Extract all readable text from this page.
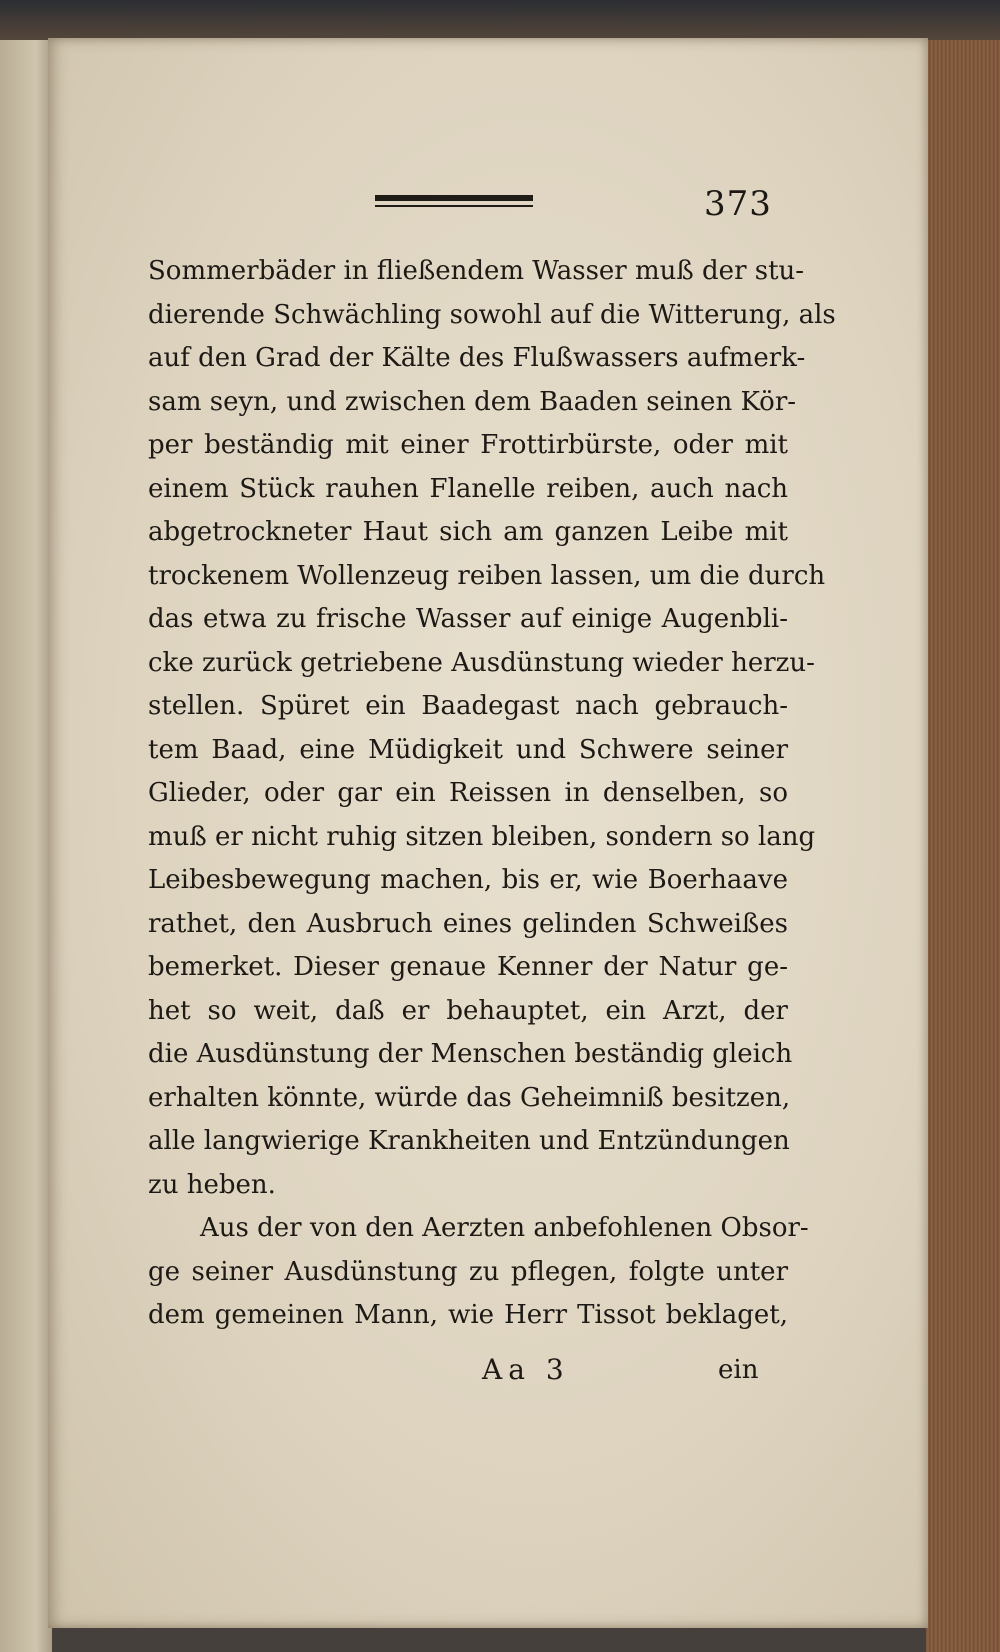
373
Sommerbäder in fließendem Wasser muß der stu-
dierende Schwächling sowohl auf die Witterung, als
auf den Grad der Kälte des Flußwassers aufmerk-
sam seyn, und zwischen dem Baaden seinen Kör-
per beständig mit einer Frottirbürste, oder mit
einem Stück rauhen Flanelle reiben, auch nach
abgetrockneter Haut sich am ganzen Leibe mit
trockenem Wollenzeug reiben lassen, um die durch
das etwa zu frische Wasser auf einige Augenbli-
cke zurück getriebene Ausdünstung wieder herzu-
stellen. Spüret ein Baadegast nach gebrauch-
tem Baad, eine Müdigkeit und Schwere seiner
Glieder, oder gar ein Reissen in denselben, so
muß er nicht ruhig sitzen bleiben, sondern so lang
Leibesbewegung machen, bis er, wie Boerhaave
rathet, den Ausbruch eines gelinden Schweißes
bemerket. Dieser genaue Kenner der Natur ge-
het so weit, daß er behauptet, ein Arzt, der
die Ausdünstung der Menschen beständig gleich
erhalten könnte, würde das Geheimniß besitzen,
alle langwierige Krankheiten und Entzündungen
zu heben.
Aus der von den Aerzten anbefohlenen Obsor-
ge seiner Ausdünstung zu pflegen, folgte unter
dem gemeinen Mann, wie Herr Tissot beklaget,
Aa 3	ein
